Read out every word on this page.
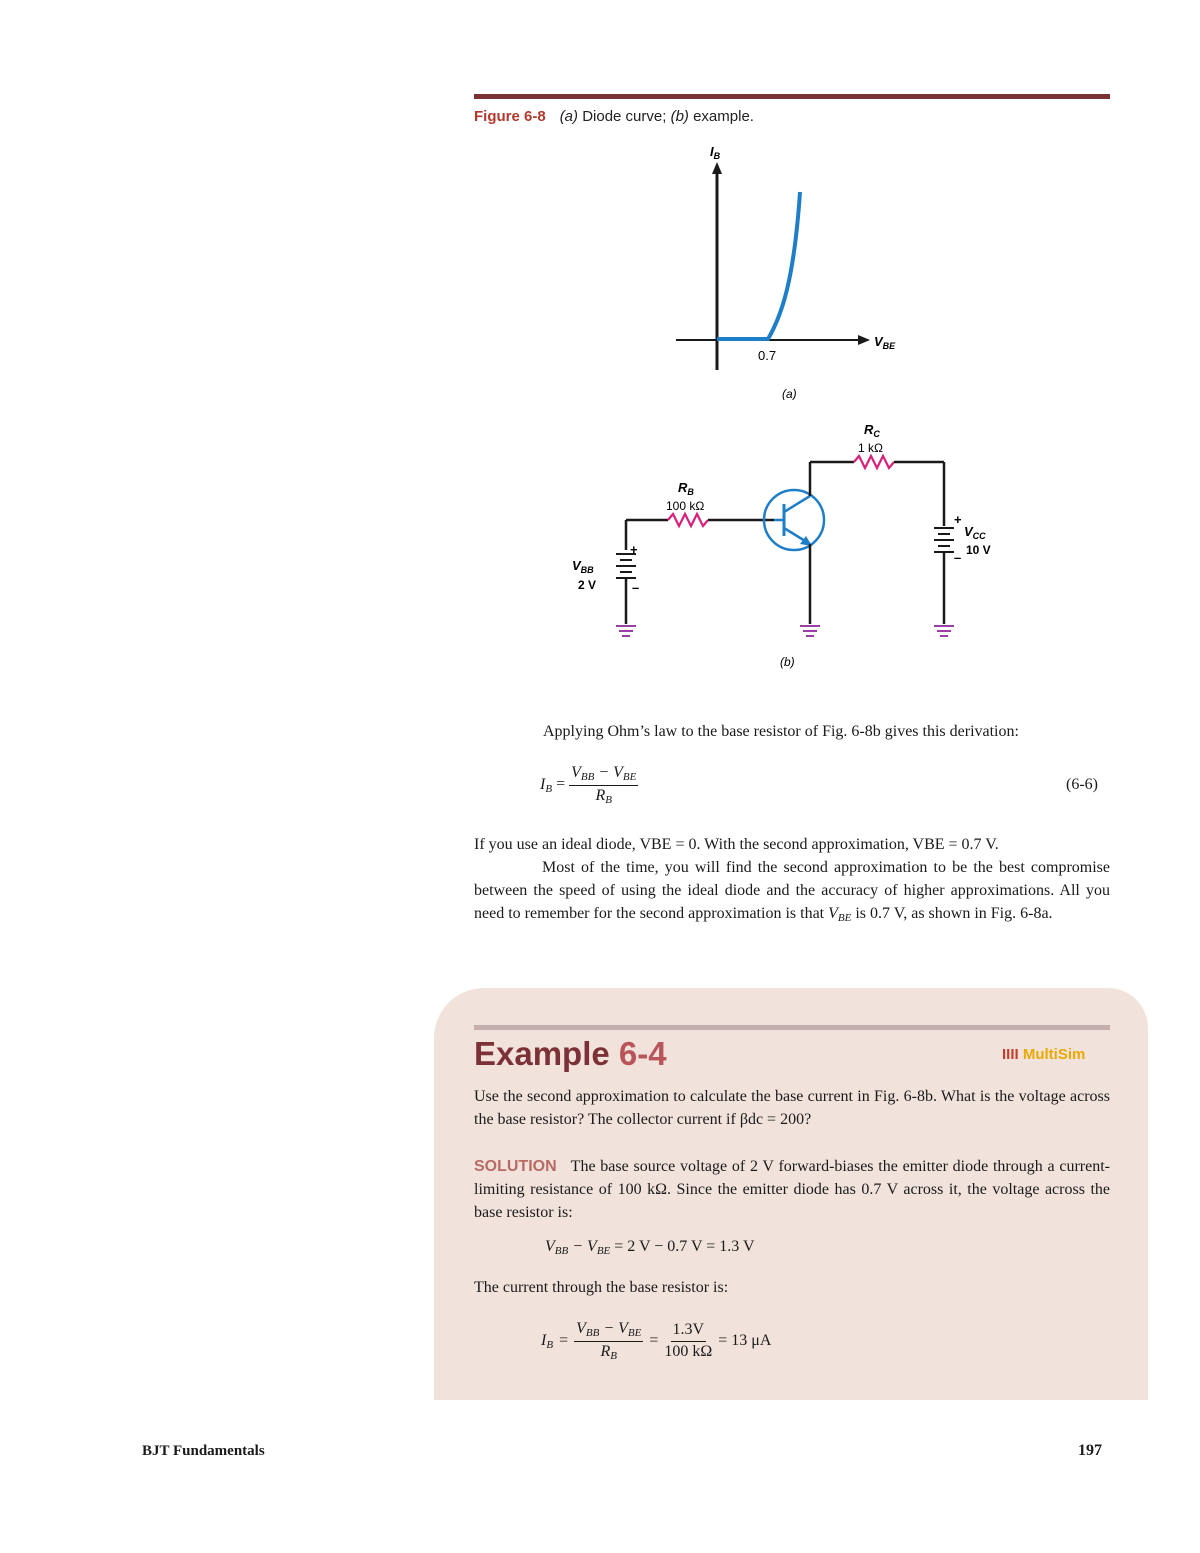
Figure 6-8 (a) Diode curve; (b) example.
$I_B$
$V_{BE}$
0.7
(a)
+
–
$V_{BB}$
2 V
$R_B$
100 kΩ
$R_C$
1 kΩ
+
–
$V_{CC}$
10 V
(b)
Applying Ohm’s law to the base resistor of Fig. 6-8b gives this derivation:
IB = $\frac{\text{VBB − VBE}}{RB}$	(6-6)
If you use an ideal diode, VBE = 0. With the second approximation, VBE = 0.7 V.
Most of the time, you will find the second approximation to be the best compromise between the speed of using the ideal diode and the accuracy of higher approximations. All you need to remember for the second approximation is that VBE is 0.7 V, as shown in Fig. 6-8a.
Example 6-4	IIII MultiSim
Use the second approximation to calculate the base current in Fig. 6-8b. What is the voltage across the base resistor? The collector current if βdc = 200?
SOLUTION The base source voltage of 2 V forward-biases the emitter diode through a current-limiting resistance of 100 kΩ. Since the emitter diode has 0.7 V across it, the voltage across the base resistor is:
VBB − VBE = 2 V − 0.7 V = 1.3 V
The current through the base resistor is:
IB = $\frac{\text{VBB − VBE}}{RB} = \frac{1.3V}{100 k\Omega} = 13$ μA
BJT Fundamentals	197
